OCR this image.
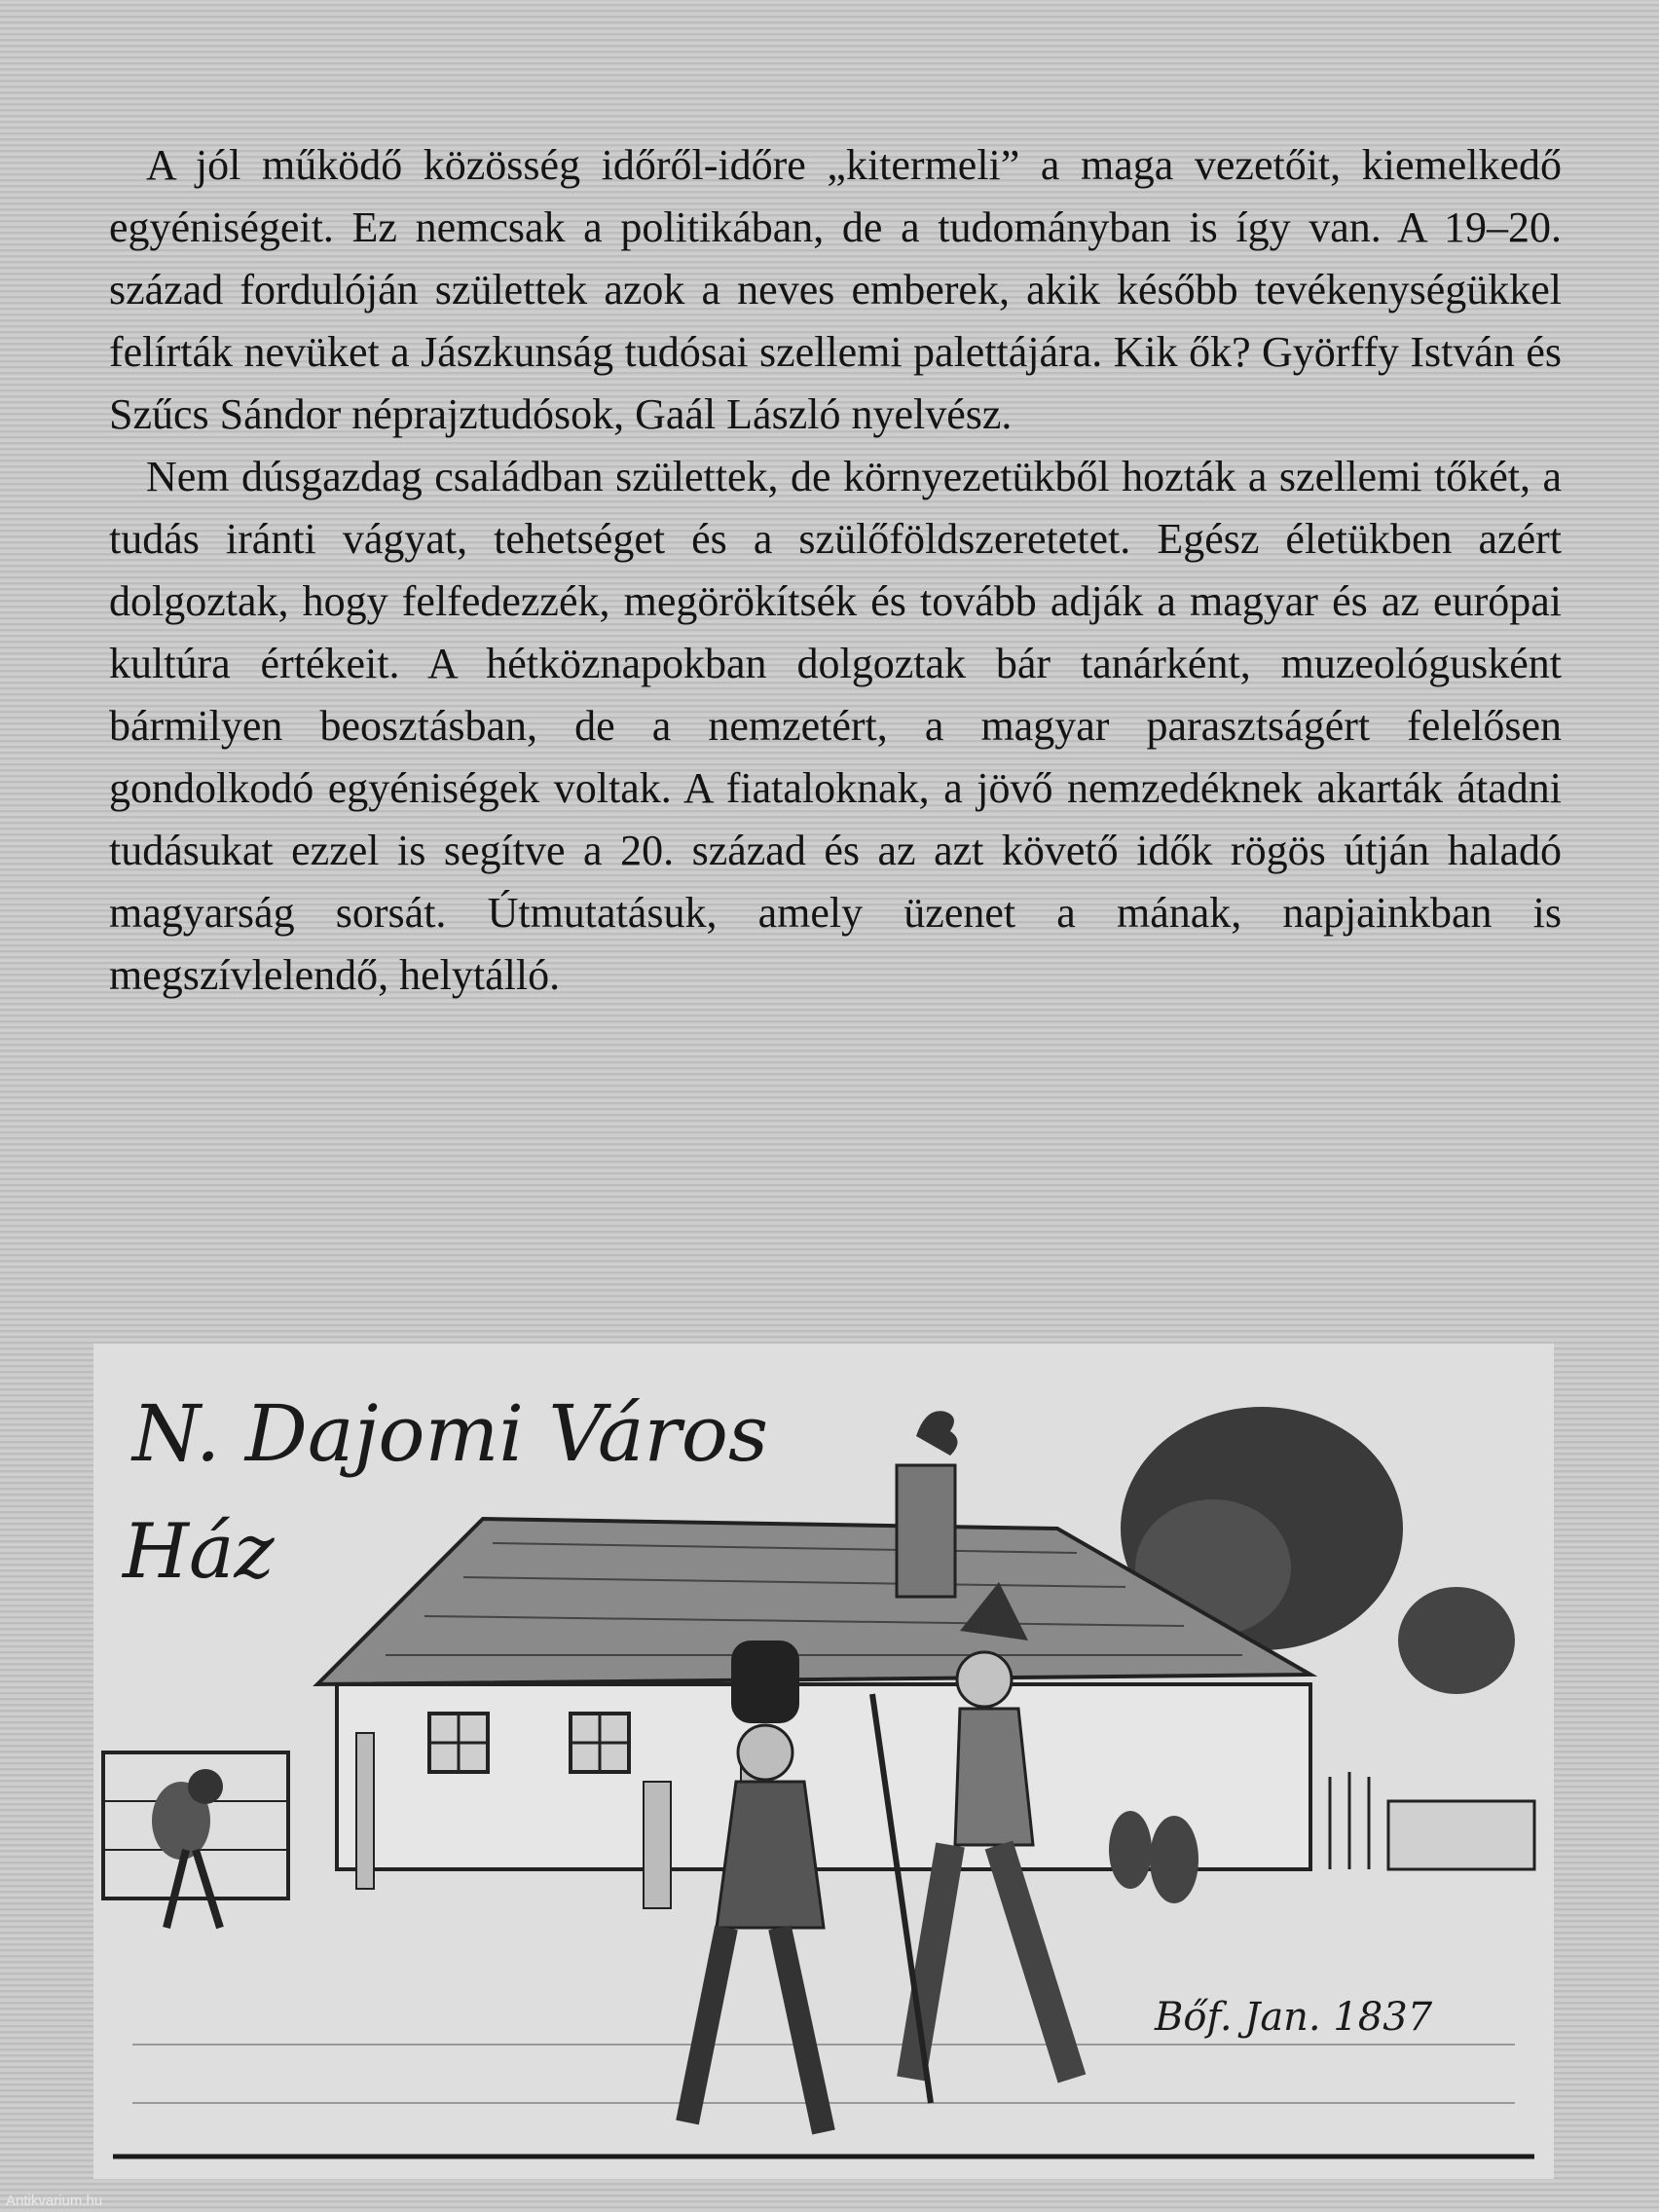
A jól működő közösség időről-időre „kitermeli” a maga vezetőit, kiemelkedő egyéniségeit. Ez nemcsak a politikában, de a tudományban is így van. A 19–20. század fordulóján születtek azok a neves emberek, akik később tevékenységükkel felírták nevüket a Jászkunság tudósai szellemi palettájára. Kik ők? Györffy István és Szűcs Sándor néprajztudósok, Gaál László nyelvész.

Nem dúsgazdag családban születtek, de környezetükből hozták a szellemi tőkét, a tudás iránti vágyat, tehetséget és a szülőföldszeretetet. Egész életükben azért dolgoztak, hogy felfedezzék, megörökítsék és tovább adják a magyar és az európai kultúra értékeit. A hétköznapokban dolgoztak bár tanárként, muzeológusként bármilyen beosztásban, de a nemzetért, a magyar parasztságért felelősen gondolkodó egyéniségek voltak. A fiataloknak, a jövő nemzedéknek akarták átadni tudásukat ezzel is segítve a 20. század és az azt követő idők rögös útján haladó magyarság sorsát. Útmutatásuk, amely üzenet a mának, napjainkban is megszívlelendő, helytálló.

N. Dajomi Város
Ház
Bőf. Jan. 1837
Antikvarium.hu
